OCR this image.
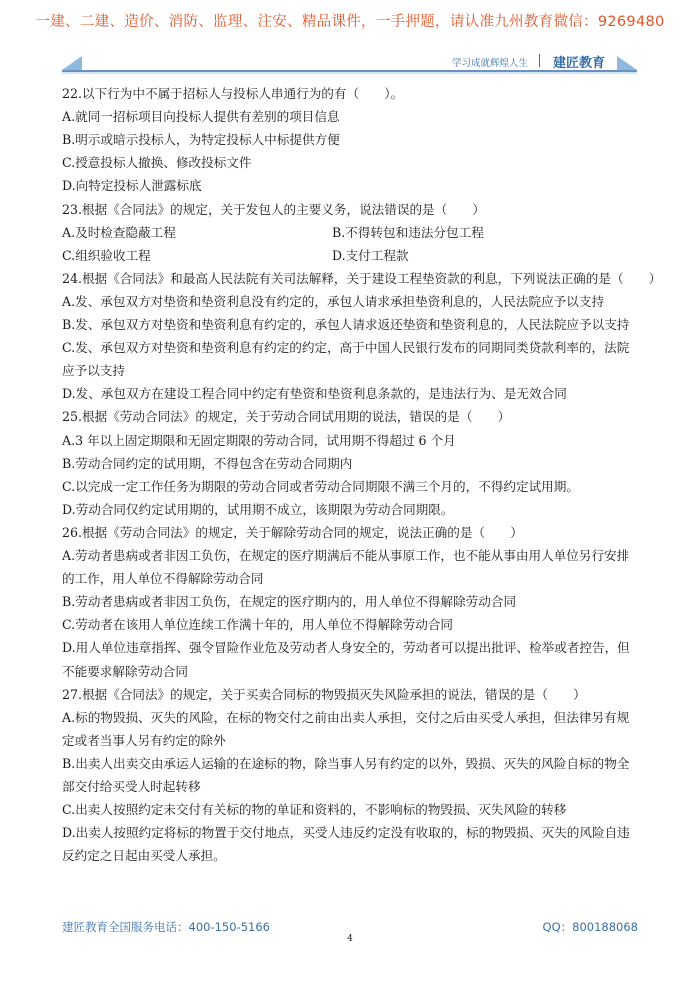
一建、二建、造价、消防、监理、注安、精品课件，一手押题，请认准九州教育微信：9269480
学习成就辉煌人生 建匠教育
22.以下行为中不属于招标人与投标人串通行为的有（　　）。
A.就同一招标项目向投标人提供有差别的项目信息
B.明示或暗示投标人，为特定投标人中标提供方便
C.授意投标人撤换、修改投标文件
D.向特定投标人泄露标底
23.根据《合同法》的规定，关于发包人的主要义务，说法错误的是（　　）
A.及时检查隐蔽工程	B.不得转包和违法分包工程
C.组织验收工程	D.支付工程款
24.根据《合同法》和最高人民法院有关司法解释，关于建设工程垫资款的利息，下列说法正确的是（　　）
A.发、承包双方对垫资和垫资利息没有约定的，承包人请求承担垫资利息的，人民法院应予以支持
B.发、承包双方对垫资和垫资利息有约定的，承包人请求返还垫资和垫资利息的，人民法院应予以支持
C.发、承包双方对垫资和垫资利息有约定的约定，高于中国人民银行发布的同期同类贷款利率的，法院
应予以支持
D.发、承包双方在建设工程合同中约定有垫资和垫资利息条款的，是违法行为、是无效合同
25.根据《劳动合同法》的规定，关于劳动合同试用期的说法，错误的是（　　）
A.3 年以上固定期限和无固定期限的劳动合同，试用期不得超过 6 个月
B.劳动合同约定的试用期，不得包含在劳动合同期内
C.以完成一定工作任务为期限的劳动合同或者劳动合同期限不满三个月的，不得约定试用期。
D.劳动合同仅约定试用期的，试用期不成立，该期限为劳动合同期限。
26.根据《劳动合同法》的规定，关于解除劳动合同的规定，说法正确的是（　　）
A.劳动者患病或者非因工负伤，在规定的医疗期满后不能从事原工作，也不能从事由用人单位另行安排
的工作，用人单位不得解除劳动合同
B.劳动者患病或者非因工负伤，在规定的医疗期内的，用人单位不得解除劳动合同
C.劳动者在该用人单位连续工作满十年的，用人单位不得解除劳动合同
D.用人单位违章指挥、强令冒险作业危及劳动者人身安全的，劳动者可以提出批评、检举或者控告，但
不能要求解除劳动合同
27.根据《合同法》的规定，关于买卖合同标的物毁损灭失风险承担的说法，错误的是（　　）
A.标的物毁损、灭失的风险，在标的物交付之前由出卖人承担，交付之后由买受人承担，但法律另有规
定或者当事人另有约定的除外
B.出卖人出卖交由承运人运输的在途标的物，除当事人另有约定的以外，毁损、灭失的风险自标的物全
部交付给买受人时起转移
C.出卖人按照约定未交付有关标的物的单证和资料的，不影响标的物毁损、灭失风险的转移
D.出卖人按照约定将标的物置于交付地点，买受人违反约定没有收取的，标的物毁损、灭失的风险自违
反约定之日起由买受人承担。
建匠教育全国服务电话：400-150-5166	QQ：800188068
4
